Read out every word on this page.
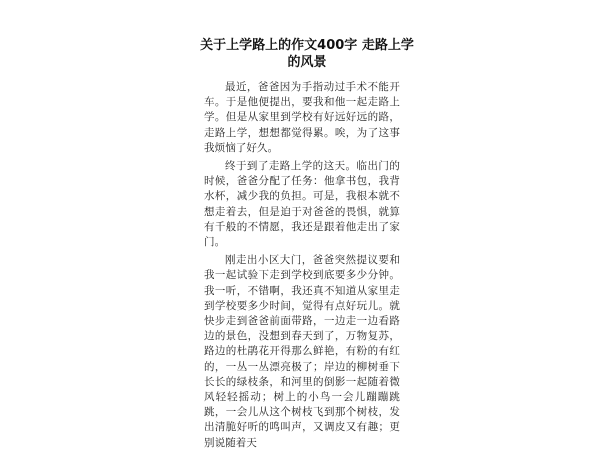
关于上学路上的作文400字 走路上学的风景

最近，爸爸因为手指动过手术不能开车。于是他便提出，要我和他一起走路上学。但是从家里到学校有好远好远的路，走路上学，想想都觉得累。唉，为了这事我烦恼了好久。

终于到了走路上学的这天。临出门的时候，爸爸分配了任务：他拿书包，我背水杯，减少我的负担。可是，我根本就不想走着去，但是迫于对爸爸的畏惧，就算有千般的不情愿，我还是跟着他走出了家门。

刚走出小区大门，爸爸突然提议要和我一起试验下走到学校到底要多少分钟。我一听，不错啊，我还真不知道从家里走到学校要多少时间，觉得有点好玩儿。就快步走到爸爸前面带路，一边走一边看路边的景色，没想到春天到了，万物复苏，路边的杜鹃花开得那么鲜艳，有粉的有红的，一丛一丛漂亮极了；岸边的柳树垂下长长的绿枝条，和河里的倒影一起随着微风轻轻摇动；树上的小鸟一会儿蹦蹦跳跳，一会儿从这个树枝飞到那个树枝，发出清脆好听的鸣叫声，又调皮又有趣；更别说随着天
